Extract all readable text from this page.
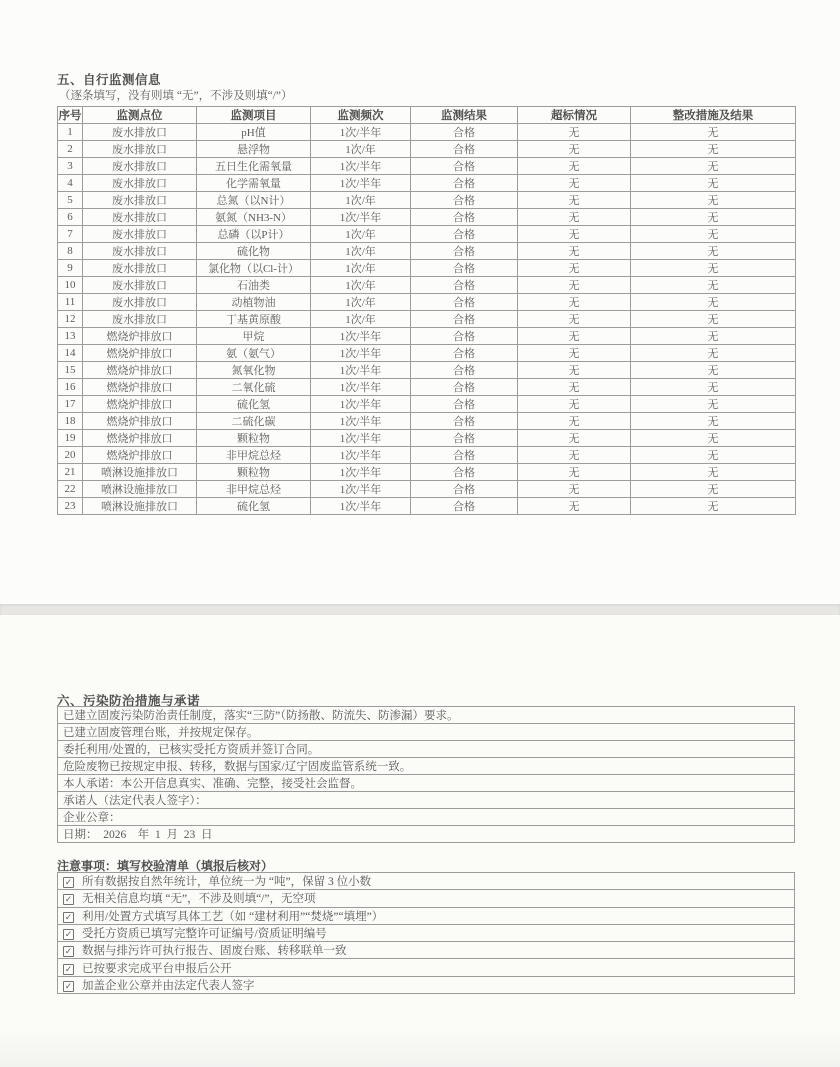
五、自行监测信息
（逐条填写，没有则填 “无”，不涉及则填“/”）
序号	监测点位	监测项目	监测频次	监测结果	超标情况	整改措施及结果
1	废水排放口	pH值	1次/半年	合格	无	无
2	废水排放口	悬浮物	1次/年	合格	无	无
3	废水排放口	五日生化需氧量	1次/半年	合格	无	无
4	废水排放口	化学需氧量	1次/半年	合格	无	无
5	废水排放口	总氮（以N计）	1次/年	合格	无	无
6	废水排放口	氨氮（NH3-N）	1次/半年	合格	无	无
7	废水排放口	总磷（以P计）	1次/年	合格	无	无
8	废水排放口	硫化物	1次/年	合格	无	无
9	废水排放口	氯化物（以Cl-计）	1次/年	合格	无	无
10	废水排放口	石油类	1次/年	合格	无	无
11	废水排放口	动植物油	1次/年	合格	无	无
12	废水排放口	丁基黄原酸	1次/年	合格	无	无
13	燃烧炉排放口	甲烷	1次/半年	合格	无	无
14	燃烧炉排放口	氨（氨气）	1次/半年	合格	无	无
15	燃烧炉排放口	氮氧化物	1次/半年	合格	无	无
16	燃烧炉排放口	二氧化硫	1次/半年	合格	无	无
17	燃烧炉排放口	硫化氢	1次/半年	合格	无	无
18	燃烧炉排放口	二硫化碳	1次/半年	合格	无	无
19	燃烧炉排放口	颗粒物	1次/半年	合格	无	无
20	燃烧炉排放口	非甲烷总烃	1次/半年	合格	无	无
21	喷淋设施排放口	颗粒物	1次/半年	合格	无	无
22	喷淋设施排放口	非甲烷总烃	1次/半年	合格	无	无
23	喷淋设施排放口	硫化氢	1次/半年	合格	无	无
六、污染防治措施与承诺
已建立固废污染防治责任制度，落实“三防”（防扬散、防流失、防渗漏）要求。
已建立固废管理台账，并按规定保存。
委托利用/处置的，已核实受托方资质并签订合同。
危险废物已按规定申报、转移，数据与国家/辽宁固废监管系统一致。
本人承诺：本公开信息真实、准确、完整，接受社会监督。
承诺人（法定代表人签字）：
企业公章：
日期：  2026    年  1  月  23  日
注意事项：填写校验清单（填报后核对）
✓ 所有数据按自然年统计，单位统一为 “吨”，保留 3 位小数
✓ 无相关信息均填 “无”，不涉及则填“/”，无空项
✓ 利用/处置方式填写具体工艺（如 “建材利用”“焚烧”“填埋”）
✓ 受托方资质已填写完整许可证编号/资质证明编号
✓ 数据与排污许可执行报告、固废台账、转移联单一致
✓ 已按要求完成平台申报后公开
✓ 加盖企业公章并由法定代表人签字
